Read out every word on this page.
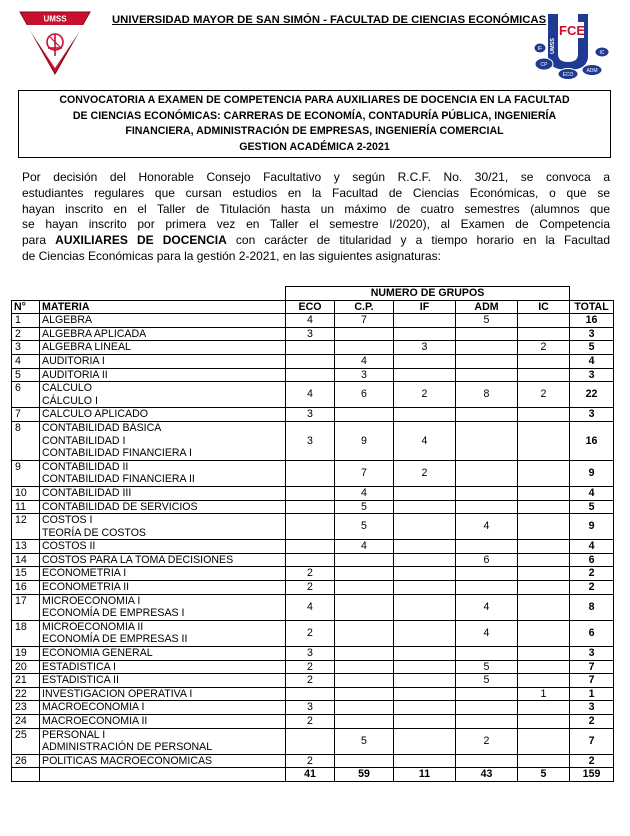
UMSS	UNIVERSIDAD MAYOR DE SAN SIMÓN - FACULTAD DE CIENCIAS ECONÓMICAS
FCE
UMSS
CP
ECO
ADM
IF
IC
CONVOCATORIA A EXAMEN DE COMPETENCIA PARA AUXILIARES DE DOCENCIA EN LA FACULTAD
DE CIENCIAS ECONÓMICAS: CARRERAS DE ECONOMÍA, CONTADURÍA PÚBLICA, INGENIERÍA
FINANCIERA, ADMINISTRACIÓN DE EMPRESAS, INGENIERÍA COMERCIAL
GESTION ACADÉMICA 2-2021
Por decisión del Honorable Consejo Facultativo y según R.C.F. No. 30/21, se convoca a
estudiantes regulares que cursan estudios en la Facultad de Ciencias Económicas, o que se
hayan inscrito en el Taller de Titulación hasta un máximo de cuatro semestres (alumnos que
se hayan inscrito por primera vez en Taller el semestre I/2020), al Examen de Competencia
para AUXILIARES DE DOCENCIA con carácter de titularidad y a tiempo horario en la Facultad
de Ciencias Económicas para la gestión 2-2021, en las siguientes asignaturas:
		NUMERO DE GRUPOS					
N°	MATERIA	ECO	C.P.	IF	ADM	IC	TOTAL
1	ALGEBRA	4	7		5		16
2	ALGEBRA APLICADA	3					3
3	ALGEBRA LINEAL			3		2	5
4	AUDITORIA I		4				4
5	AUDITORIA II		3				3
6	CALCULO
CÁLCULO I	4	6	2	8	2	22
7	CALCULO APLICADO	3					3
8	CONTABILIDAD BÁSICA
CONTABILIDAD I
CONTABILIDAD FINANCIERA I	3	9	4			16
9	CONTABILIDAD II
CONTABILIDAD FINANCIERA II		7	2			9
10	CONTABILIDAD III		4				4
11	CONTABILIDAD DE SERVICIOS		5				5
12	COSTOS I
TEORÍA DE COSTOS		5		4		9
13	COSTOS II		4				4
14	COSTOS PARA LA TOMA DECISIONES				6		6
15	ECONOMETRIA I	2					2
16	ECONOMETRIA II	2					2
17	MICROECONOMIA I
ECONOMÍA DE EMPRESAS I	4			4		8
18	MICROECONOMIA II
ECONOMÍA DE EMPRESAS II	2			4		6
19	ECONOMIA GENERAL	3					3
20	ESTADISTICA I	2			5		7
21	ESTADISTICA II	2			5		7
22	INVESTIGACION OPERATIVA I					1	1
23	MACROECONOMIA I	3					3
24	MACROECONOMIA II	2					2
25	PERSONAL I
ADMINISTRACIÓN DE PERSONAL		5		2		7
26	POLITICAS MACROECONOMICAS	2					2
		41	59	11	43	5	159
